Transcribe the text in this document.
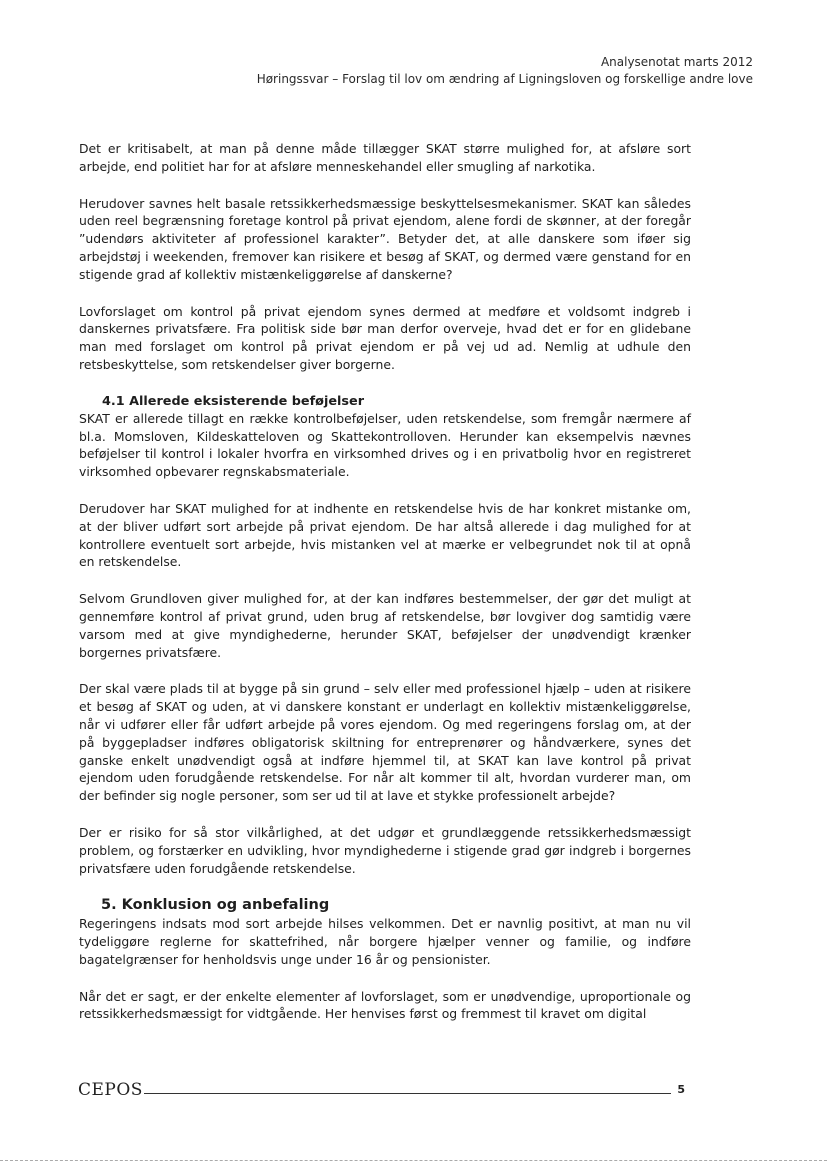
Analysenotat marts 2012
Høringssvar – Forslag til lov om ændring af Ligningsloven og forskellige andre love

Det er kritisabelt, at man på denne måde tillægger SKAT større mulighed for, at afsløre sort arbejde, end politiet har for at afsløre menneskehandel eller smugling af narkotika.

Herudover savnes helt basale retssikkerhedsmæssige beskyttelsesmekanismer. SKAT kan således uden reel begrænsning foretage kontrol på privat ejendom, alene fordi de skønner, at der foregår ”udendørs aktiviteter af professionel karakter”. Betyder det, at alle danskere som iføer sig arbejdstøj i weekenden, fremover kan risikere et besøg af SKAT, og dermed være genstand for en stigende grad af kollektiv mistænkeliggørelse af danskerne?

Lovforslaget om kontrol på privat ejendom synes dermed at medføre et voldsomt indgreb i danskernes privatsfære. Fra politisk side bør man derfor overveje, hvad det er for en glidebane man med forslaget om kontrol på privat ejendom er på vej ud ad. Nemlig at udhule den retsbeskyttelse, som retskendelser giver borgerne.

4.1 Allerede eksisterende beføjelser

SKAT er allerede tillagt en række kontrolbeføjelser, uden retskendelse, som fremgår nærmere af bl.a. Momsloven, Kildeskatteloven og Skattekontrolloven. Herunder kan eksempelvis nævnes beføjelser til kontrol i lokaler hvorfra en virksomhed drives og i en privatbolig hvor en registreret virksomhed opbevarer regnskabsmateriale.

Derudover har SKAT mulighed for at indhente en retskendelse hvis de har konkret mistanke om, at der bliver udført sort arbejde på privat ejendom. De har altså allerede i dag mulighed for at kontrollere eventuelt sort arbejde, hvis mistanken vel at mærke er velbegrundet nok til at opnå en retskendelse.

Selvom Grundloven giver mulighed for, at der kan indføres bestemmelser, der gør det muligt at gennemføre kontrol af privat grund, uden brug af retskendelse, bør lovgiver dog samtidig være varsom med at give myndighederne, herunder SKAT, beføjelser der unødvendigt krænker borgernes privatsfære.

Der skal være plads til at bygge på sin grund – selv eller med professionel hjælp – uden at risikere et besøg af SKAT og uden, at vi danskere konstant er underlagt en kollektiv mistænkeliggørelse, når vi udfører eller får udført arbejde på vores ejendom. Og med regeringens forslag om, at der på byggepladser indføres obligatorisk skiltning for entreprenører og håndværkere, synes det ganske enkelt unødvendigt også at indføre hjemmel til, at SKAT kan lave kontrol på privat ejendom uden forudgående retskendelse. For når alt kommer til alt, hvordan vurderer man, om der befinder sig nogle personer, som ser ud til at lave et stykke professionelt arbejde?

Der er risiko for så stor vilkårlighed, at det udgør et grundlæggende retssikkerhedsmæssigt problem, og forstærker en udvikling, hvor myndighederne i stigende grad gør indgreb i borgernes privatsfære uden forudgående retskendelse.

5. Konklusion og anbefaling

Regeringens indsats mod sort arbejde hilses velkommen. Det er navnlig positivt, at man nu vil tydeliggøre reglerne for skattefrihed, når borgere hjælper venner og familie, og indføre bagatelgrænser for henholdsvis unge under 16 år og pensionister.

Når det er sagt, er der enkelte elementer af lovforslaget, som er unødvendige, uproportionale og retssikkerhedsmæssigt for vidtgående. Her henvises først og fremmest til kravet om digital

CEPOS	5
